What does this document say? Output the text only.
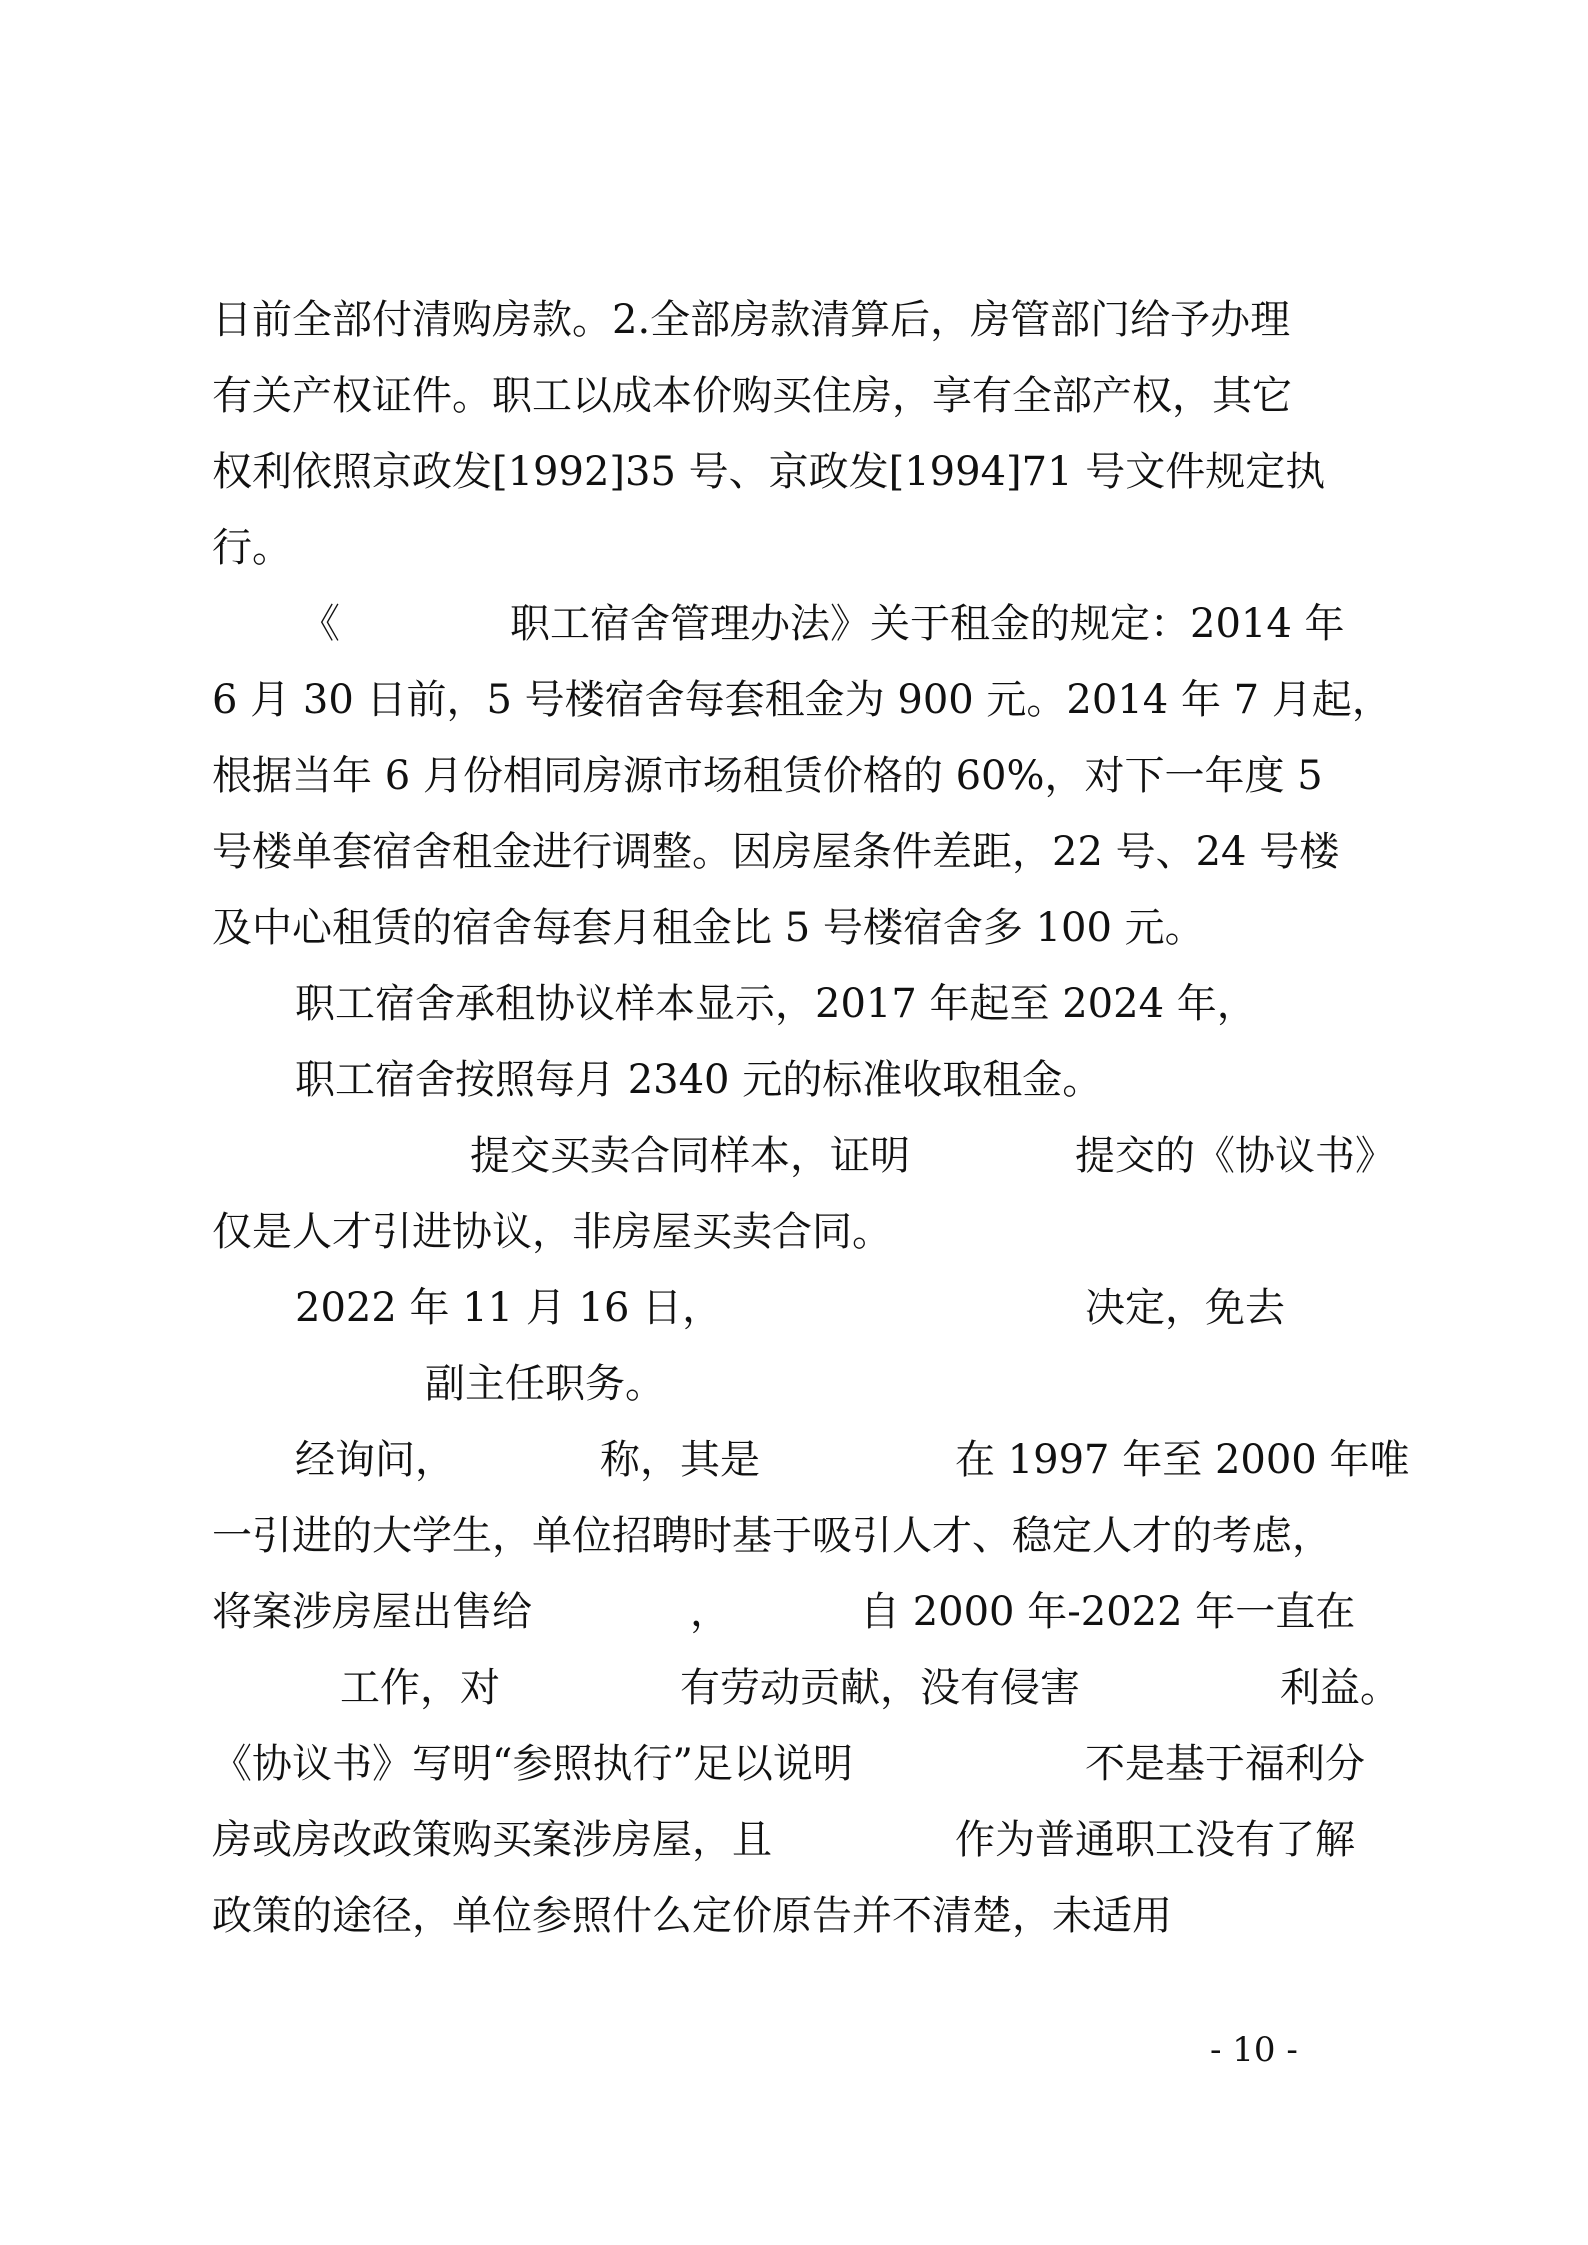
日前全部付清购房款。2.全部房款清算后，房管部门给予办理

有关产权证件。职工以成本价购买住房，享有全部产权，其它

权利依照京政发[1992]35 号、京政发[1994]71 号文件规定执

行。

《

	职工宿舍管理办法》关于租金的规定：2014 年

6 月 30 日前，5 号楼宿舍每套租金为 900 元。2014 年 7 月起，

根据当年 6 月份相同房源市场租赁价格的 60%，对下一年度 5

号楼单套宿舍租金进行调整。因房屋条件差距，22 号、24 号楼

及中心租赁的宿舍每套月租金比 5 号楼宿舍多 100 元。

职工宿舍承租协议样本显示，2017 年起至 2024 年，

职工宿舍按照每月 2340 元的标准收取租金。

提交买卖合同样本，证明

	提交的《协议书》

仅是人才引进协议，非房屋买卖合同。

2022 年 11 月 16 日，

	决定，免去

副主任职务。

经询问，

	称，其是

	在 1997 年至 2000 年唯

一引进的大学生，单位招聘时基于吸引人才、稳定人才的考虑，

将案涉房屋出售给

	，

	自 2000 年-2022 年一直在

工作，对

	有劳动贡献，没有侵害

	利益。

《协议书》写明“参照执行”足以说明

	不是基于福利分

房或房改政策购买案涉房屋，且

	作为普通职工没有了解

政策的途径，单位参照什么定价原告并不清楚，未适用

- 10 -
